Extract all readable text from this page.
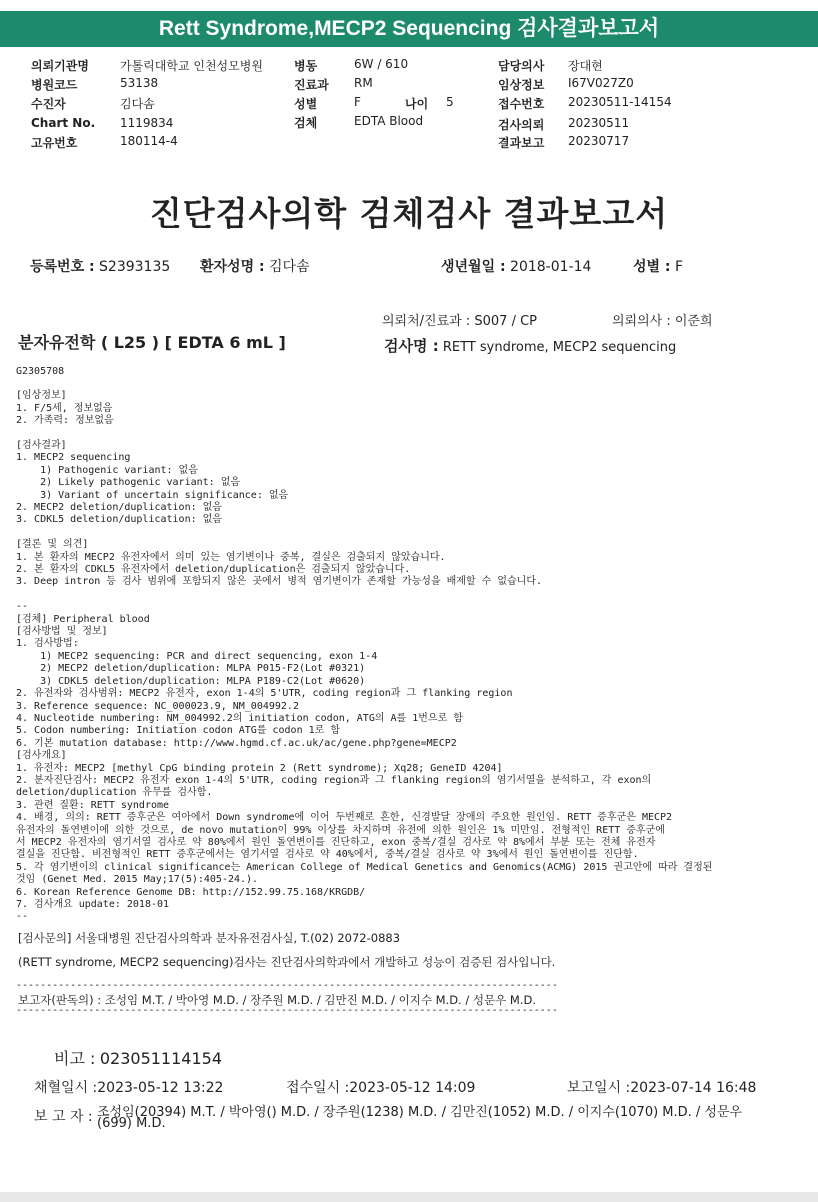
Rett Syndrome,MECP2 Sequencing 검사결과보고서
의뢰기관명	가톨릭대학교 인천성모병원
병원코드	53138
수진자	김다솜
Chart No. 1119834
고유번호	180114-4
병동	6W / 610
진료과 RM
성별	F	나이 5
검체	EDTA Blood
담당의사 장대현
임상정보 I67V027Z0
접수번호 20230511-14154
검사의뢰 20230511
결과보고 20230717
진단검사의학 검체검사 결과보고서
등록번호 : S2393135 환자성명 : 김다솜	생년월일 : 2018-01-14	성별 : F
의뢰처/진료과 : S007 / CP	의뢰의사 : 이준희
분자유전학 ( L25 ) [ EDTA 6 mL ]	검사명 : RETT syndrome, MECP2 sequencing
G2305708
[임상정보]
1. F/5세, 정보없음
2. 가족력: 정보없음
[검사결과]
1. MECP2 sequencing
1) Pathogenic variant: 없음
2) Likely pathogenic variant: 없음
3) Variant of uncertain significance: 없음
2. MECP2 deletion/duplication: 없음
3. CDKL5 deletion/duplication: 없음
[결론 및 의견]
1. 본 환자의 MECP2 유전자에서 의미 있는 염기변이나 중복, 결실은 검출되지 않았습니다.
2. 본 환자의 CDKL5 유전자에서 deletion/duplication은 검출되지 않았습니다.
3. Deep intron 등 검사 범위에 포함되지 않은 곳에서 병적 염기변이가 존재할 가능성을 배제할 수 없습니다.
--
[검체] Peripheral blood
[검사방법 및 정보]
1. 검사방법:
1) MECP2 sequencing: PCR and direct sequencing, exon 1-4
2) MECP2 deletion/duplication: MLPA P015-F2(Lot #0321)
3) CDKL5 deletion/duplication: MLPA P189-C2(Lot #0620)
2. 유전자와 검사범위: MECP2 유전자, exon 1-4의 5'UTR, coding region과 그 flanking region
3. Reference sequence: NC_000023.9, NM_004992.2
4. Nucleotide numbering: NM_004992.2의 initiation codon, ATG의 A를 1번으로 함
5. Codon numbering: Initiation codon ATG를 codon 1로 함
6. 기본 mutation database: http://www.hgmd.cf.ac.uk/ac/gene.php?gene=MECP2
[검사개요]
1. 유전자: MECP2 [methyl CpG binding protein 2 (Rett syndrome); Xq28; GeneID 4204]
2. 분자진단검사: MECP2 유전자 exon 1-4의 5'UTR, coding region과 그 flanking region의 염기서열을 분석하고, 각 exon의
deletion/duplication 유무를 검사함.
3. 관련 질환: RETT syndrome
4. 배경, 의의: RETT 증후군은 여아에서 Down syndrome에 이어 두번째로 흔한, 신경발달 장애의 주요한 원인임. RETT 증후군은 MECP2
유전자의 돌연변이에 의한 것으로, de novo mutation이 99% 이상를 차지하며 유전에 의한 원인은 1% 미만임. 전형적인 RETT 증후군에
서 MECP2 유전자의 염기서열 검사로 약 80%에서 원인 돌연변이를 진단하고, exon 중복/결실 검사로 약 8%에서 부분 또는 전체 유전자
결실을 진단함. 비전형적인 RETT 증후군에서는 염기서열 검사로 약 40%에서, 중복/결실 검사로 약 3%에서 원인 돌연변이를 진단함.
5. 각 염기변이의 clinical significance는 American College of Medical Genetics and Genomics(ACMG) 2015 권고안에 따라 결정된
것임 (Genet Med. 2015 May;17(5):405-24.).
6. Korean Reference Genome DB: http://152.99.75.168/KRGDB/
7. 검사개요 update: 2018-01
--
[검사문의] 서울대병원 진단검사의학과 분자유전검사실, T.(02) 2072-0883
(RETT syndrome, MECP2 sequencing)검사는 진단검사의학과에서 개발하고 성능이 검증된 검사입니다.
------------------------------------------------------------------------------------------
보고자(판독의) : 조성임 M.T. / 박아영 M.D. / 장주원 M.D. / 김만진 M.D. / 이지수 M.D. / 성문우 M.D.
------------------------------------------------------------------------------------------
비고 : 023051114154
채혈일시 :2023-05-12 13:22	접수일시 :2023-05-12 14:09	보고일시 :2023-07-14 16:48
보 고 자 : 조성임(20394) M.T. / 박아영() M.D. / 장주원(1238) M.D. / 김만진(1052) M.D. / 이지수(1070) M.D. / 성문우
(699) M.D.
